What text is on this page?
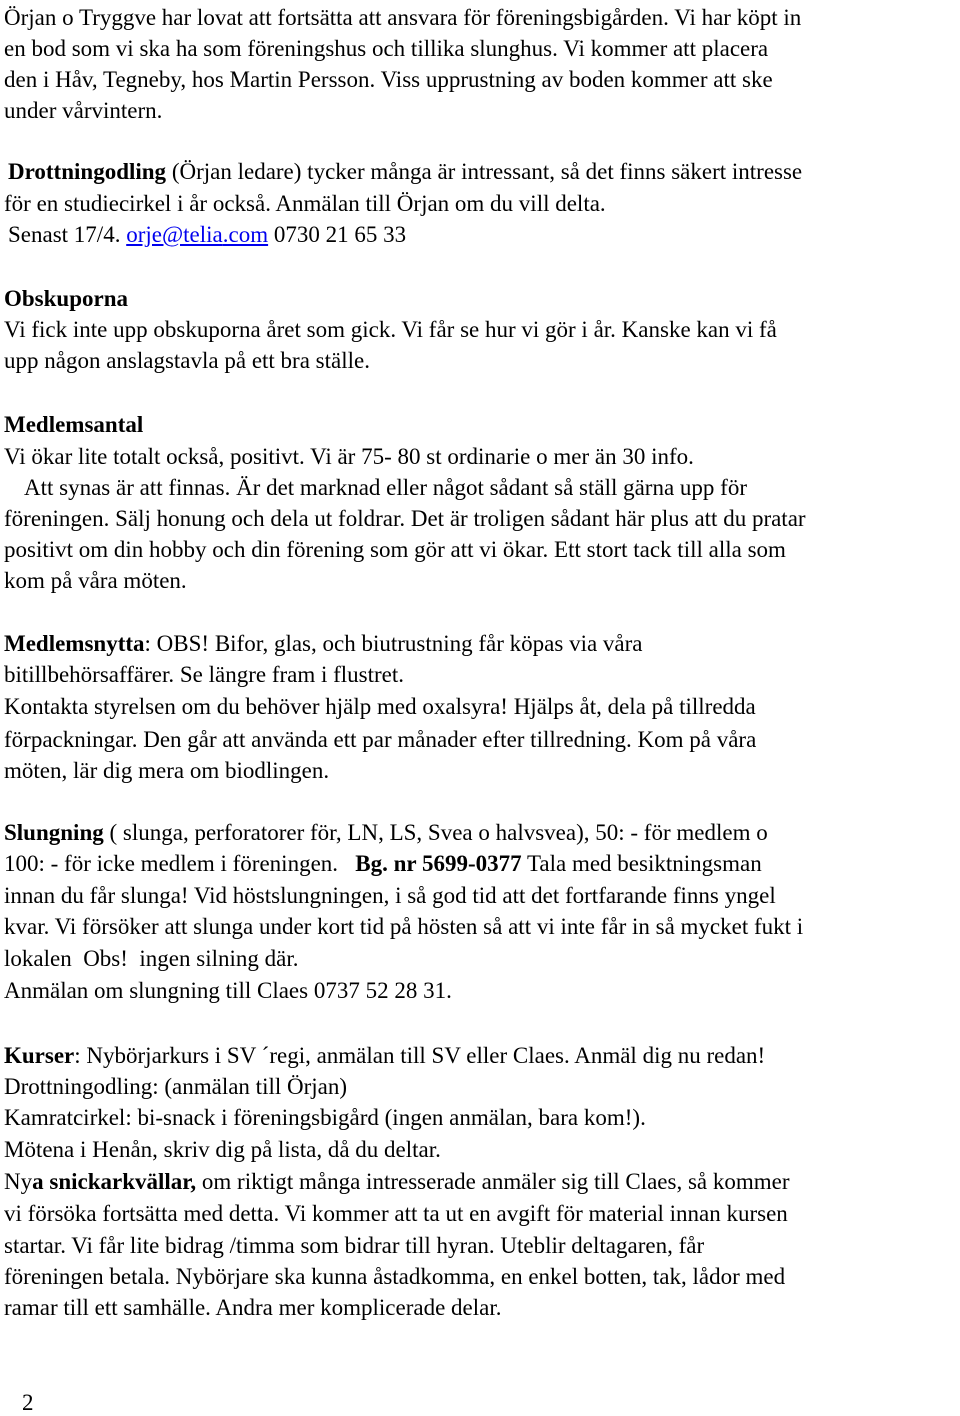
Örjan o Tryggve har lovat att fortsätta att ansvara för föreningsbigården. Vi har köpt in
en bod som vi ska ha som föreningshus och tillika slunghus. Vi kommer att placera
den i Håv, Tegneby, hos Martin Persson. Viss upprustning av boden kommer att ske
under vårvintern.
Drottningodling (Örjan ledare) tycker många är intressant, så det finns säkert intresse
för en studiecirkel i år också. Anmälan till Örjan om du vill delta.
Senast 17/4. orje@telia.com 0730 21 65 33
Obskuporna
Vi fick inte upp obskuporna året som gick. Vi får se hur vi gör i år. Kanske kan vi få
upp någon anslagstavla på ett bra ställe.
Medlemsantal
Vi ökar lite totalt också, positivt. Vi är 75- 80 st ordinarie o mer än 30 info.
Att synas är att finnas. Är det marknad eller något sådant så ställ gärna upp för
föreningen. Sälj honung och dela ut foldrar. Det är troligen sådant här plus att du pratar
positivt om din hobby och din förening som gör att vi ökar. Ett stort tack till alla som
kom på våra möten.
Medlemsnytta: OBS! Bifor, glas, och biutrustning får köpas via våra
bitillbehörsaffärer. Se längre fram i flustret.
Kontakta styrelsen om du behöver hjälp med oxalsyra! Hjälps åt, dela på tillredda
förpackningar. Den går att använda ett par månader efter tillredning. Kom på våra
möten, lär dig mera om biodlingen.
Slungning ( slunga, perforatorer för, LN, LS, Svea o halvsvea), 50: - för medlem o
100: - för icke medlem i föreningen.   Bg. nr 5699-0377 Tala med besiktningsman
innan du får slunga! Vid höstslungningen, i så god tid att det fortfarande finns yngel
kvar. Vi försöker att slunga under kort tid på hösten så att vi inte får in så mycket fukt i
lokalen  Obs!  ingen silning där.
Anmälan om slungning till Claes 0737 52 28 31.
Kurser: Nybörjarkurs i SV ´regi, anmälan till SV eller Claes. Anmäl dig nu redan!
Drottningodling: (anmälan till Örjan)
Kamratcirkel: bi-snack i föreningsbigård (ingen anmälan, bara kom!).
Mötena i Henån, skriv dig på lista, då du deltar.
Nya snickarkvällar, om riktigt många intresserade anmäler sig till Claes, så kommer
vi försöka fortsätta med detta. Vi kommer att ta ut en avgift för material innan kursen
startar. Vi får lite bidrag /timma som bidrar till hyran. Uteblir deltagaren, får
föreningen betala. Nybörjare ska kunna åstadkomma, en enkel botten, tak, lådor med
ramar till ett samhälle. Andra mer komplicerade delar.
2
